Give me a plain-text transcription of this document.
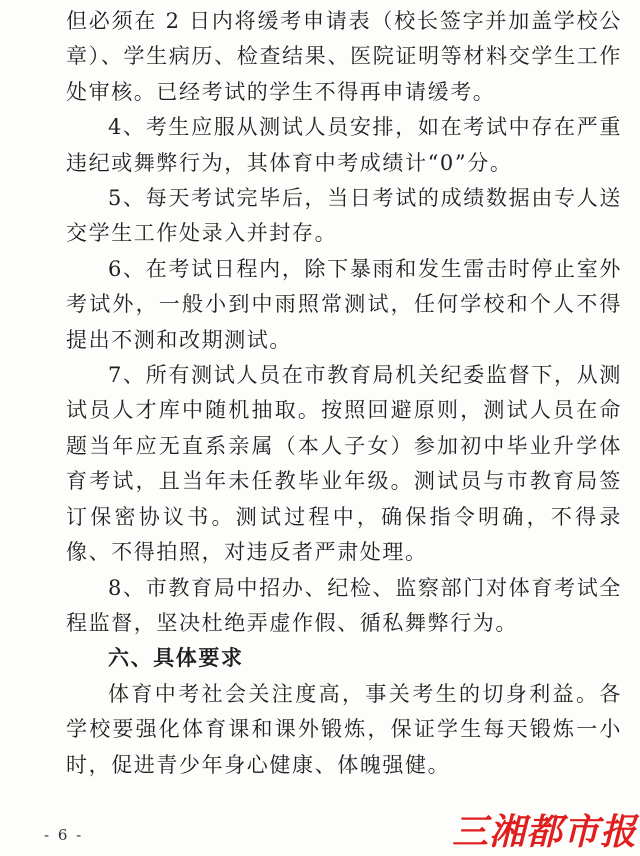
但必须在 2 日内将缓考申请表（校长签字并加盖学校公章）、学生病历、检查结果、医院证明等材料交学生工作处审核。已经考试的学生不得再申请缓考。

4、考生应服从测试人员安排，如在考试中存在严重违纪或舞弊行为，其体育中考成绩计“0”分。

5、每天考试完毕后，当日考试的成绩数据由专人送交学生工作处录入并封存。

6、在考试日程内，除下暴雨和发生雷击时停止室外考试外，一般小到中雨照常测试，任何学校和个人不得提出不测和改期测试。

7、所有测试人员在市教育局机关纪委监督下，从测试员人才库中随机抽取。按照回避原则，测试人员在命题当年应无直系亲属（本人子女）参加初中毕业升学体育考试，且当年未任教毕业年级。测试员与市教育局签订保密协议书。测试过程中，确保指令明确，不得录像、不得拍照，对违反者严肃处理。

8、市教育局中招办、纪检、监察部门对体育考试全程监督，坚决杜绝弄虚作假、循私舞弊行为。

六、具体要求

体育中考社会关注度高，事关考生的切身利益。各学校要强化体育课和课外锻炼，保证学生每天锻炼一小时，促进青少年身心健康、体魄强健。

- 6 -	三湘都市报
